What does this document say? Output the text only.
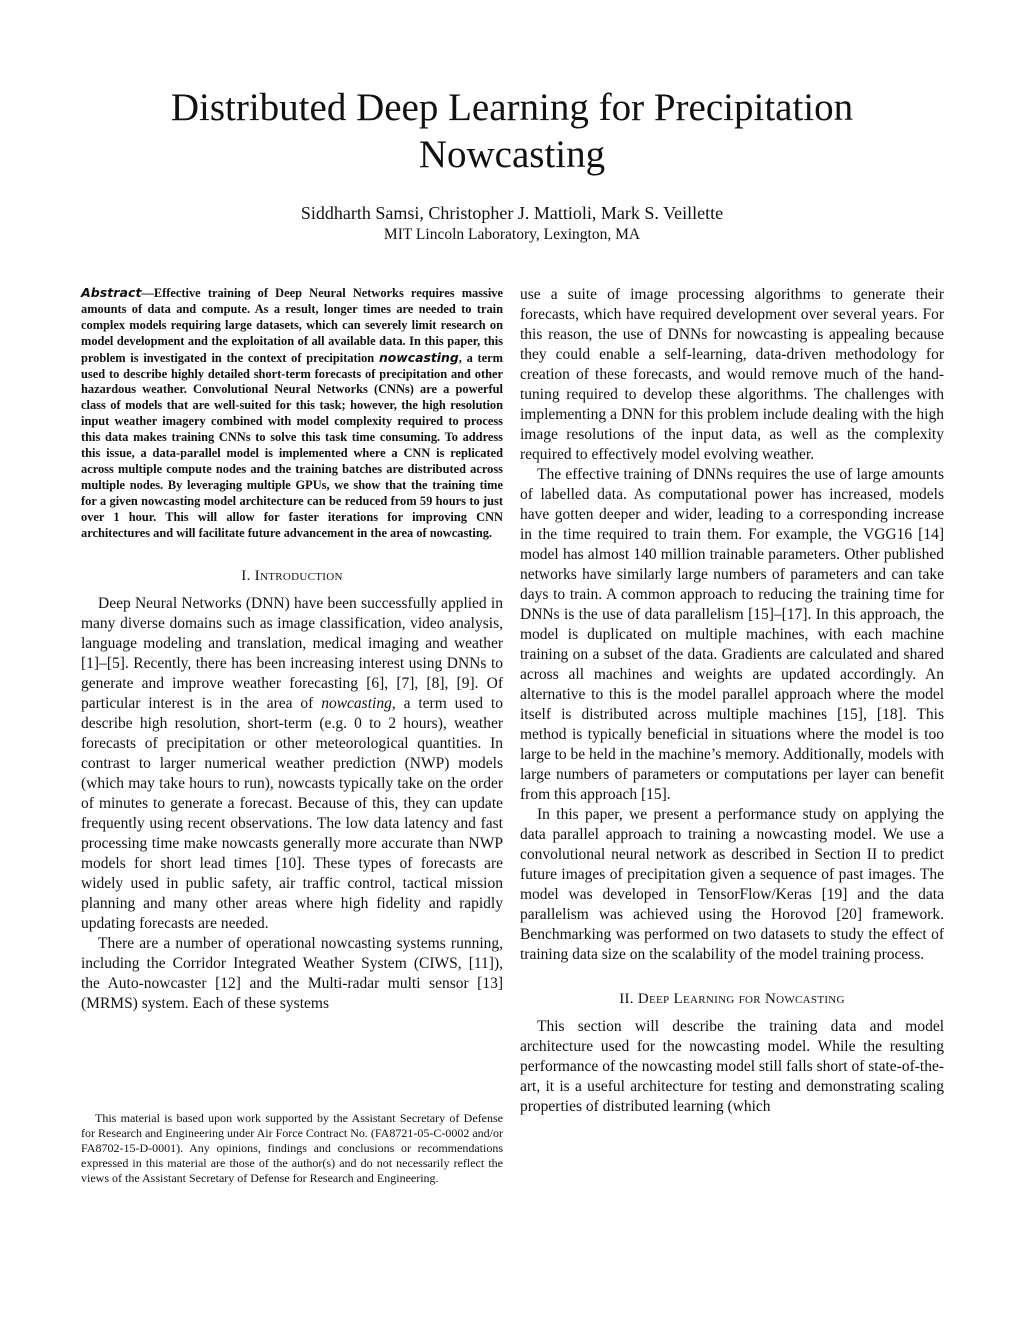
Distributed Deep Learning for Precipitation Nowcasting
Siddharth Samsi, Christopher J. Mattioli, Mark S. Veillette
MIT Lincoln Laboratory, Lexington, MA

Abstract—Effective training of Deep Neural Networks requires massive amounts of data and compute. As a result, longer times are needed to train complex models requiring large datasets, which can severely limit research on model development and the exploitation of all available data. In this paper, this problem is investigated in the context of precipitation nowcasting, a term used to describe highly detailed short-term forecasts of precipitation and other hazardous weather. Convolutional Neural Networks (CNNs) are a powerful class of models that are well-suited for this task; however, the high resolution input weather imagery combined with model complexity required to process this data makes training CNNs to solve this task time consuming. To address this issue, a data-parallel model is implemented where a CNN is replicated across multiple compute nodes and the training batches are distributed across multiple nodes. By leveraging multiple GPUs, we show that the training time for a given nowcasting model architecture can be reduced from 59 hours to just over 1 hour. This will allow for faster iterations for improving CNN architectures and will facilitate future advancement in the area of nowcasting.

I. Introduction

Deep Neural Networks (DNN) have been successfully applied in many diverse domains such as image classification, video analysis, language modeling and translation, medical imaging and weather [1]–[5]. Recently, there has been increasing interest using DNNs to generate and improve weather forecasting [6], [7], [8], [9]. Of particular interest is in the area of nowcasting, a term used to describe high resolution, short-term (e.g. 0 to 2 hours), weather forecasts of precipitation or other meteorological quantities. In contrast to larger numerical weather prediction (NWP) models (which may take hours to run), nowcasts typically take on the order of minutes to generate a forecast. Because of this, they can update frequently using recent observations. The low data latency and fast processing time make nowcasts generally more accurate than NWP models for short lead times [10]. These types of forecasts are widely used in public safety, air traffic control, tactical mission planning and many other areas where high fidelity and rapidly updating forecasts are needed.

There are a number of operational nowcasting systems running, including the Corridor Integrated Weather System (CIWS, [11]), the Auto-nowcaster [12] and the Multi-radar multi sensor [13] (MRMS) system. Each of these systems

This material is based upon work supported by the Assistant Secretary of Defense for Research and Engineering under Air Force Contract No. (FA8721-05-C-0002 and/or FA8702-15-D-0001). Any opinions, findings and conclusions or recommendations expressed in this material are those of the author(s) and do not necessarily reflect the views of the Assistant Secretary of Defense for Research and Engineering.

use a suite of image processing algorithms to generate their forecasts, which have required development over several years. For this reason, the use of DNNs for nowcasting is appealing because they could enable a self-learning, data-driven methodology for creation of these forecasts, and would remove much of the hand-tuning required to develop these algorithms. The challenges with implementing a DNN for this problem include dealing with the high image resolutions of the input data, as well as the complexity required to effectively model evolving weather.

The effective training of DNNs requires the use of large amounts of labelled data. As computational power has increased, models have gotten deeper and wider, leading to a corresponding increase in the time required to train them. For example, the VGG16 [14] model has almost 140 million trainable parameters. Other published networks have similarly large numbers of parameters and can take days to train. A common approach to reducing the training time for DNNs is the use of data parallelism [15]–[17]. In this approach, the model is duplicated on multiple machines, with each machine training on a subset of the data. Gradients are calculated and shared across all machines and weights are updated accordingly. An alternative to this is the model parallel approach where the model itself is distributed across multiple machines [15], [18]. This method is typically beneficial in situations where the model is too large to be held in the machine’s memory. Additionally, models with large numbers of parameters or computations per layer can benefit from this approach [15].

In this paper, we present a performance study on applying the data parallel approach to training a nowcasting model. We use a convolutional neural network as described in Section II to predict future images of precipitation given a sequence of past images. The model was developed in TensorFlow/Keras [19] and the data parallelism was achieved using the Horovod [20] framework. Benchmarking was performed on two datasets to study the effect of training data size on the scalability of the model training process.

II. Deep Learning for Nowcasting

This section will describe the training data and model architecture used for the nowcasting model. While the resulting performance of the nowcasting model still falls short of state-of-the-art, it is a useful architecture for testing and demonstrating scaling properties of distributed learning (which
